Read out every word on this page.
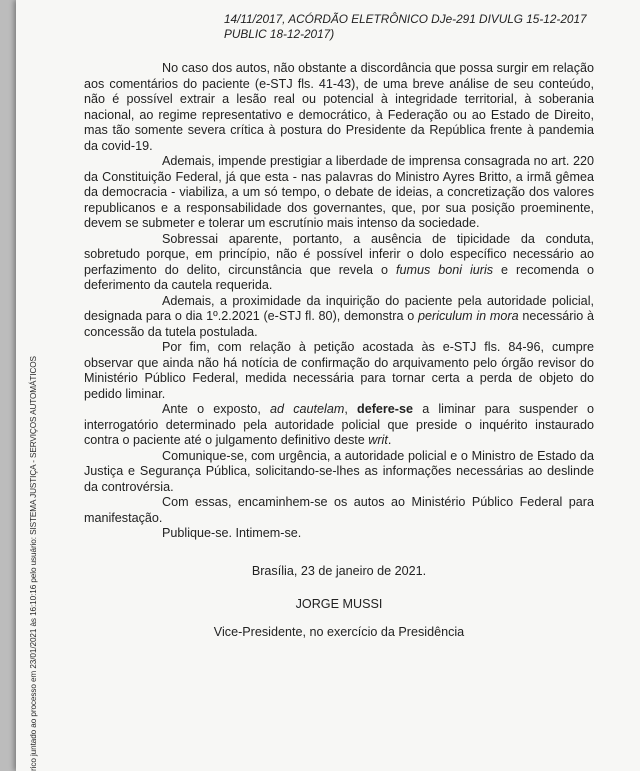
rico juntado ao processo em 23/01/2021 às 16:10:16 pelo usuário: SISTEMA JUSTIÇA - SERVIÇOS AUTOMÁTICOS

14/11/2017, ACÓRDÃO ELETRÔNICO DJe-291 DIVULG 15-12-2017 PUBLIC 18-12-2017)

No caso dos autos, não obstante a discordância que possa surgir em relação aos comentários do paciente (e-STJ fls. 41-43), de uma breve análise de seu conteúdo, não é possível extrair a lesão real ou potencial à integridade territorial, à soberania nacional, ao regime representativo e democrático, à Federação ou ao Estado de Direito, mas tão somente severa crítica à postura do Presidente da República frente à pandemia da covid-19.

Ademais, impende prestigiar a liberdade de imprensa consagrada no art. 220 da Constituição Federal, já que esta - nas palavras do Ministro Ayres Britto, a irmã gêmea da democracia - viabiliza, a um só tempo, o debate de ideias, a concretização dos valores republicanos e a responsabilidade dos governantes, que, por sua posição proeminente, devem se submeter e tolerar um escrutínio mais intenso da sociedade.

Sobressai aparente, portanto, a ausência de tipicidade da conduta, sobretudo porque, em princípio, não é possível inferir o dolo específico necessário ao perfazimento do delito, circunstância que revela o fumus boni iuris e recomenda o deferimento da cautela requerida.

Ademais, a proximidade da inquirição do paciente pela autoridade policial, designada para o dia 1º.2.2021 (e-STJ fl. 80), demonstra o periculum in mora necessário à concessão da tutela postulada.

Por fim, com relação à petição acostada às e-STJ fls. 84-96, cumpre observar que ainda não há notícia de confirmação do arquivamento pelo órgão revisor do Ministério Público Federal, medida necessária para tornar certa a perda de objeto do pedido liminar.

Ante o exposto, ad cautelam, defere-se a liminar para suspender o interrogatório determinado pela autoridade policial que preside o inquérito instaurado contra o paciente até o julgamento definitivo deste writ.

Comunique-se, com urgência, a autoridade policial e o Ministro de Estado da Justiça e Segurança Pública, solicitando-se-lhes as informações necessárias ao deslinde da controvérsia.

Com essas, encaminhem-se os autos ao Ministério Público Federal para manifestação.

Publique-se. Intimem-se.

Brasília, 23 de janeiro de 2021.

JORGE MUSSI

Vice-Presidente, no exercício da Presidência
